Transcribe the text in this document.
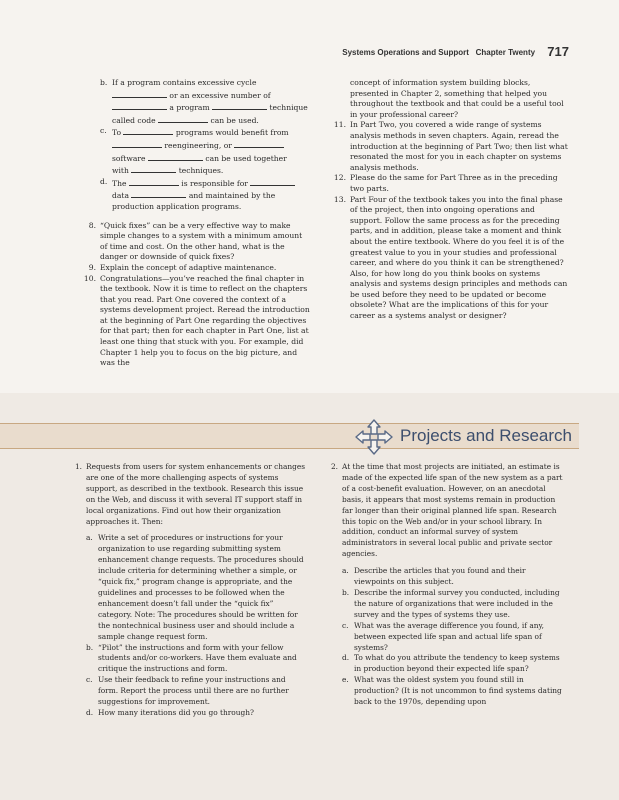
Systems Operations and Support Chapter Twenty 717
b. If a program contains excessive cycle

or an excessive number of

a program	technique

called code	can be used.

c. To	programs would benefit from

reengineering, or

software	can be used together

with	techniques.

d. The	is responsible for

data	and maintained by the

production application programs.

8. “Quick fixes” can be a very effective way to make simple changes to a system with a minimum amount of time and cost. On the other hand, what is the danger or downside of quick fixes?

9. Explain the concept of adaptive maintenance.

10. Congratulations—you’ve reached the final chapter in the textbook. Now it is time to reflect on the chapters that you read. Part One covered the context of a systems development project. Reread the introduction at the beginning of Part One regarding the objectives for that part; then for each chapter in Part One, list at least one thing that stuck with you. For example, did Chapter 1 help you to focus on the big picture, and was the

concept of information system building blocks, presented in Chapter 2, something that helped you throughout the textbook and that could be a useful tool in your professional career?

11. In Part Two, you covered a wide range of systems analysis methods in seven chapters. Again, reread the introduction at the beginning of Part Two; then list what resonated the most for you in each chapter on systems analysis methods.

12. Please do the same for Part Three as in the preceding two parts.

13. Part Four of the textbook takes you into the final phase of the project, then into ongoing operations and support. Follow the same process as for the preceding parts, and in addition, please take a moment and think about the entire textbook. Where do you feel it is of the greatest value to you in your studies and professional career, and where do you think it can be strengthened? Also, for how long do you think books on systems analysis and systems design principles and methods can be used before they need to be updated or become obsolete? What are the implications of this for your career as a systems analyst or designer?

Projects and Research
1. Requests from users for system enhancements or changes are one of the more challenging aspects of systems support, as described in the textbook. Research this issue on the Web, and discuss it with several IT support staff in local organizations. Find out how their organization approaches it. Then:

a. Write a set of procedures or instructions for your organization to use regarding submitting system enhancement change requests. The procedures should include criteria for determining whether a simple, or “quick fix,” program change is appropriate, and the guidelines and processes to be followed when the enhancement doesn’t fall under the “quick fix” category. Note: The procedures should be written for the nontechnical business user and should include a sample change request form.

b. “Pilot” the instructions and form with your fellow students and/or co-workers. Have them evaluate and critique the instructions and form.

c. Use their feedback to refine your instructions and form. Report the process until there are no further suggestions for improvement.

d. How many iterations did you go through?

2. At the time that most projects are initiated, an estimate is made of the expected life span of the new system as a part of a cost-benefit evaluation. However, on an anecdotal basis, it appears that most systems remain in production far longer than their original planned life span. Research this topic on the Web and/or in your school library. In addition, conduct an informal survey of system administrators in several local public and private sector agencies.

a. Describe the articles that you found and their viewpoints on this subject.

b. Describe the informal survey you conducted, including the nature of organizations that were included in the survey and the types of systems they use.

c. What was the average difference you found, if any, between expected life span and actual life span of systems?

d. To what do you attribute the tendency to keep systems in production beyond their expected life span?

e. What was the oldest system you found still in production? (It is not uncommon to find systems dating back to the 1970s, depending upon
